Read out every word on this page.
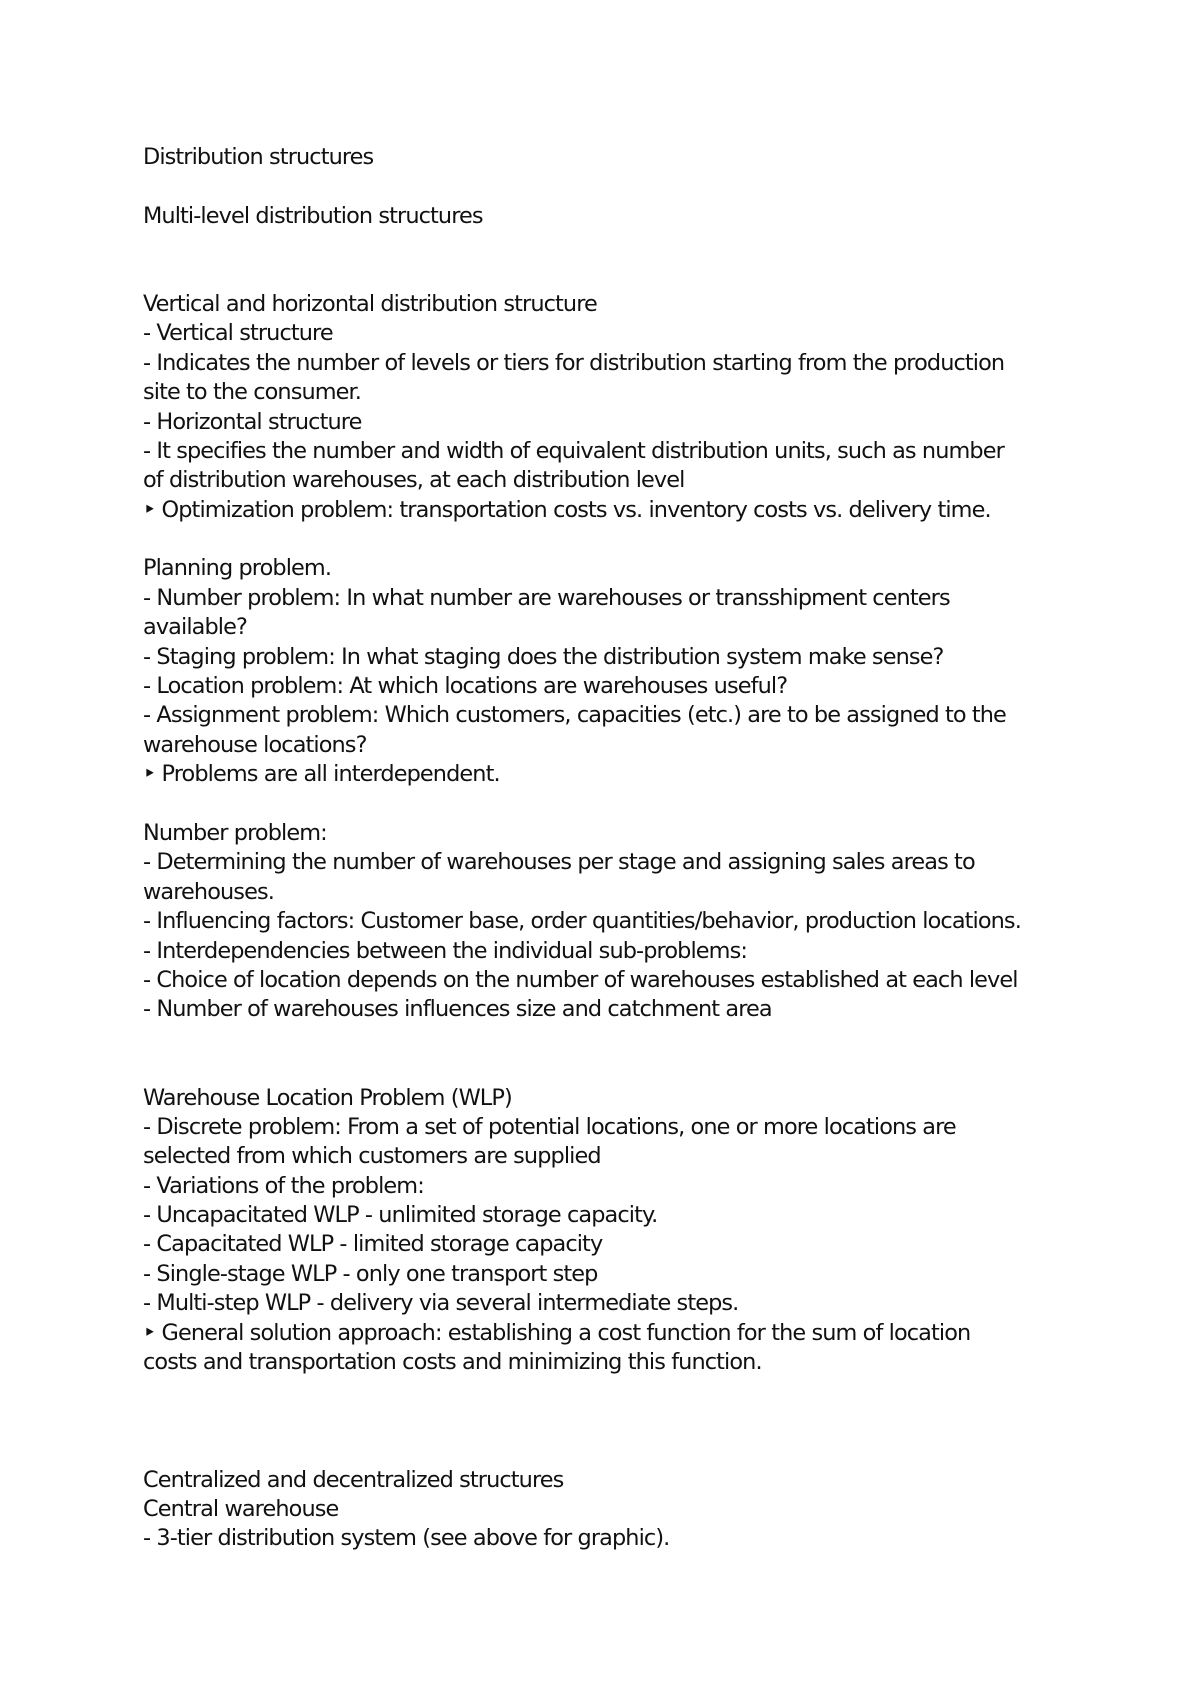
Distribution structures
Multi-level distribution structures
Vertical and horizontal distribution structure
- Vertical structure
- Indicates the number of levels or tiers for distribution starting from the production
site to the consumer.
- Horizontal structure
- It specifies the number and width of equivalent distribution units, such as number
of distribution warehouses, at each distribution level
‣ Optimization problem: transportation costs vs. inventory costs vs. delivery time.
Planning problem.
- Number problem: In what number are warehouses or transshipment centers
available?
- Staging problem: In what staging does the distribution system make sense?
- Location problem: At which locations are warehouses useful?
- Assignment problem: Which customers, capacities (etc.) are to be assigned to the
warehouse locations?
‣ Problems are all interdependent.
Number problem:
- Determining the number of warehouses per stage and assigning sales areas to
warehouses.
- Influencing factors: Customer base, order quantities/behavior, production locations.
- Interdependencies between the individual sub-problems:
- Choice of location depends on the number of warehouses established at each level
- Number of warehouses influences size and catchment area
Warehouse Location Problem (WLP)
- Discrete problem: From a set of potential locations, one or more locations are
selected from which customers are supplied
- Variations of the problem:
- Uncapacitated WLP - unlimited storage capacity.
- Capacitated WLP - limited storage capacity
- Single-stage WLP - only one transport step
- Multi-step WLP - delivery via several intermediate steps.
‣ General solution approach: establishing a cost function for the sum of location
costs and transportation costs and minimizing this function.
Centralized and decentralized structures
Central warehouse
- 3-tier distribution system (see above for graphic).
